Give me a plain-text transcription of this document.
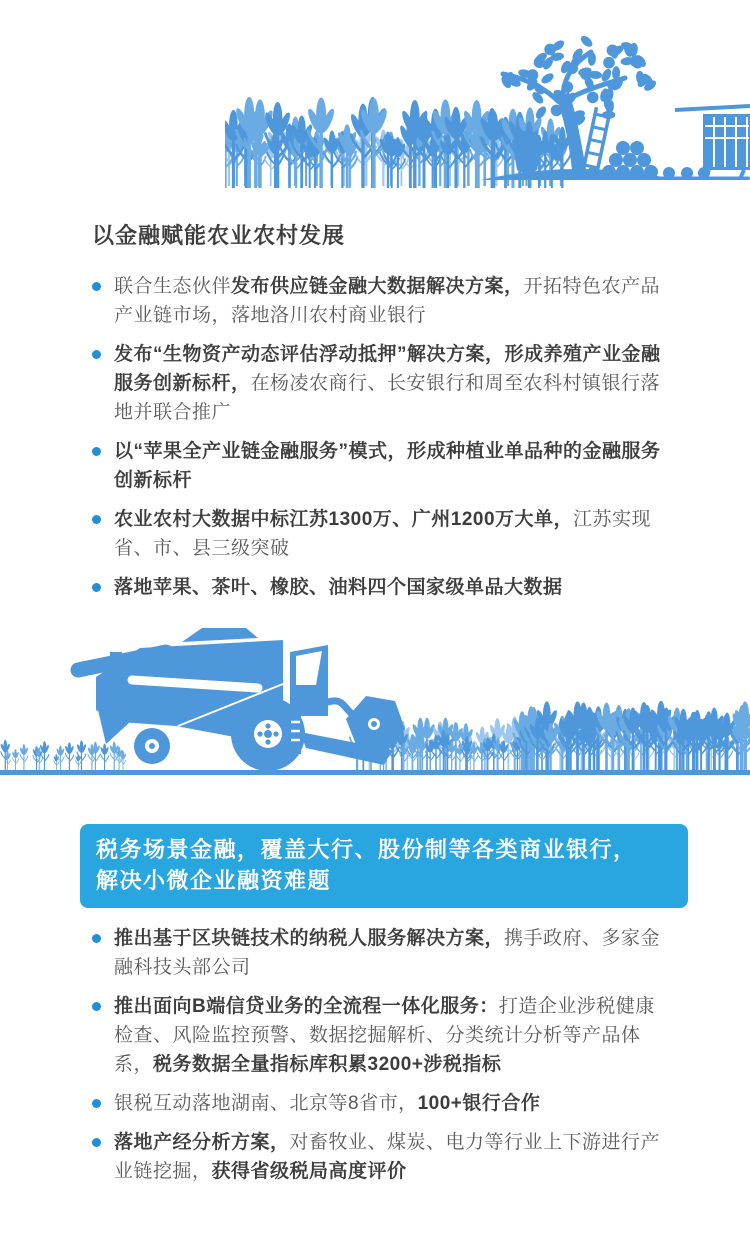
以金融赋能农业农村发展

联合生态伙伴发布供应链金融大数据解决方案，开拓特色农产品产业链市场，落地洛川农村商业银行

发布“生物资产动态评估浮动抵押”解决方案，形成养殖产业金融服务创新标杆，在杨凌农商行、长安银行和周至农科村镇银行落地并联合推广

以“苹果全产业链金融服务”模式，形成种植业单品种的金融服务创新标杆

农业农村大数据中标江苏1300万、广州1200万大单，江苏实现省、市、县三级突破

落地苹果、茶叶、橡胶、油料四个国家级单品大数据

税务场景金融，覆盖大行、股份制等各类商业银行，
解决小微企业融资难题

推出基于区块链技术的纳税人服务解决方案，携手政府、多家金融科技头部公司

推出面向B端信贷业务的全流程一体化服务：打造企业涉税健康检查、风险监控预警、数据挖掘解析、分类统计分析等产品体系，税务数据全量指标库积累3200+涉税指标

银税互动落地湖南、北京等8省市，100+银行合作

落地产经分析方案，对畜牧业、煤炭、电力等行业上下游进行产业链挖掘，获得省级税局高度评价
